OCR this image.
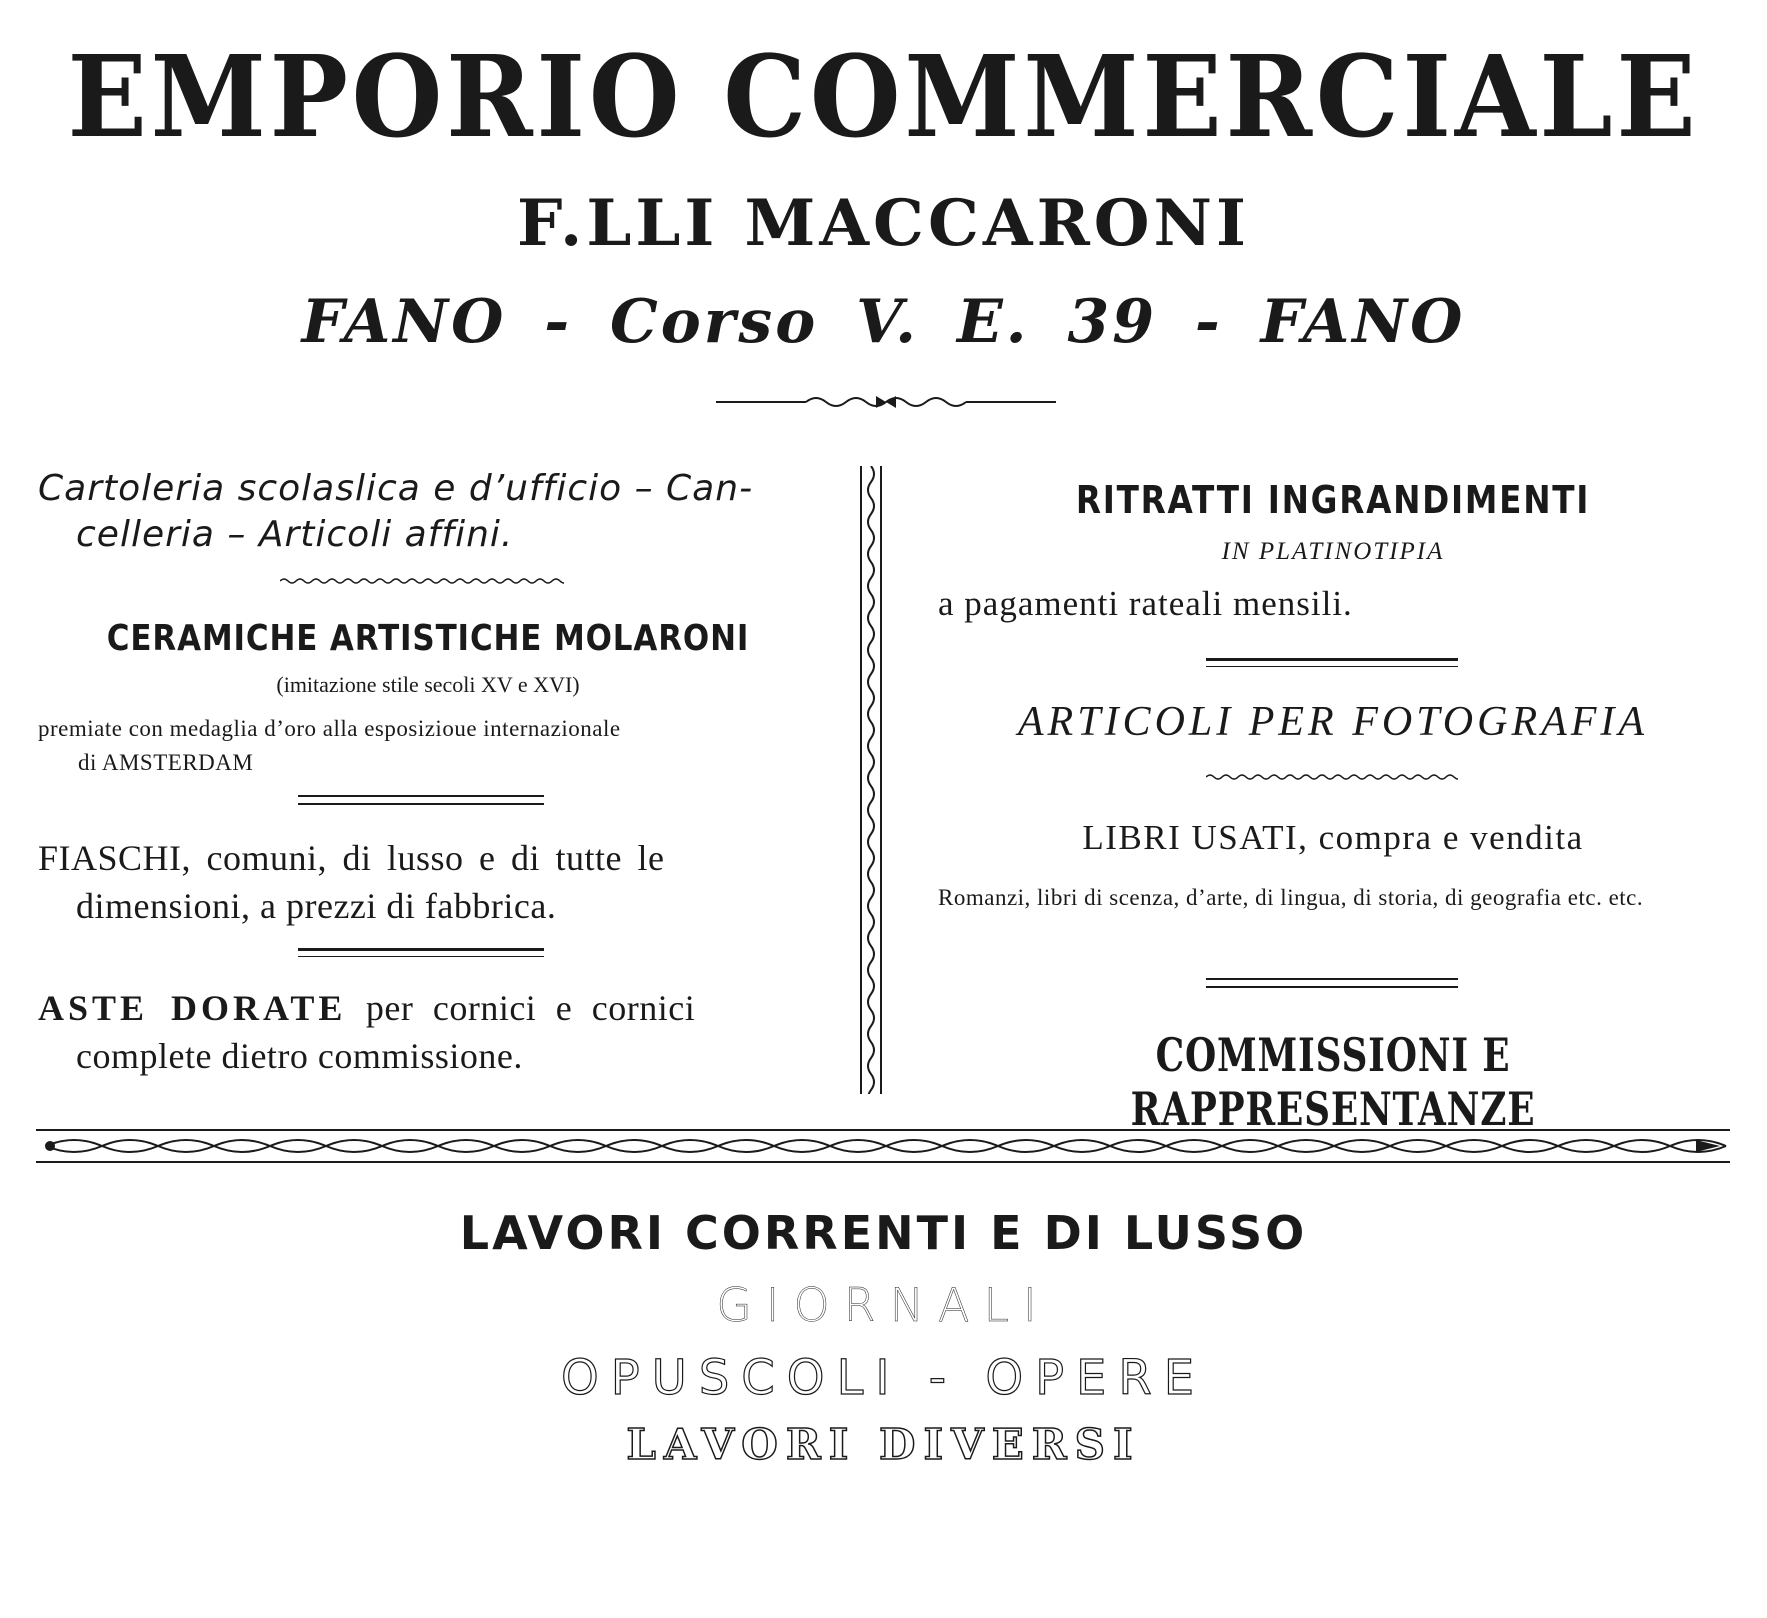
EMPORIO COMMERCIALE
F.LLI MACCARONI
FANO - Corso V. E. 39 - FANO
Cartoleria scolaslica e d’ufficio – Can-
celleria – Articoli affini.
CERAMICHE ARTISTICHE MOLARONI
(imitazione stile secoli XV e XVI)
premiate con medaglia d’oro alla esposizioue internazionale
di AMSTERDAM
FIASCHI, comuni, di lusso e di tutte le
dimensioni, a prezzi di fabbrica.
ASTE DORATE per cornici e cornici
complete dietro commissione.
RITRATTI INGRANDIMENTI
IN PLATINOTIPIA
a pagamenti rateali mensili.
ARTICOLI PER FOTOGRAFIA
LIBRI USATI, compra e vendita
Romanzi, libri di scenza, d’arte, di lingua, di storia, di geografia etc. etc.
COMMISSIONI E RAPPRESENTANZE
LAVORI CORRENTI E DI LUSSO
GIORNALI
OPUSCOLI - OPERE
LAVORI DIVERSI
